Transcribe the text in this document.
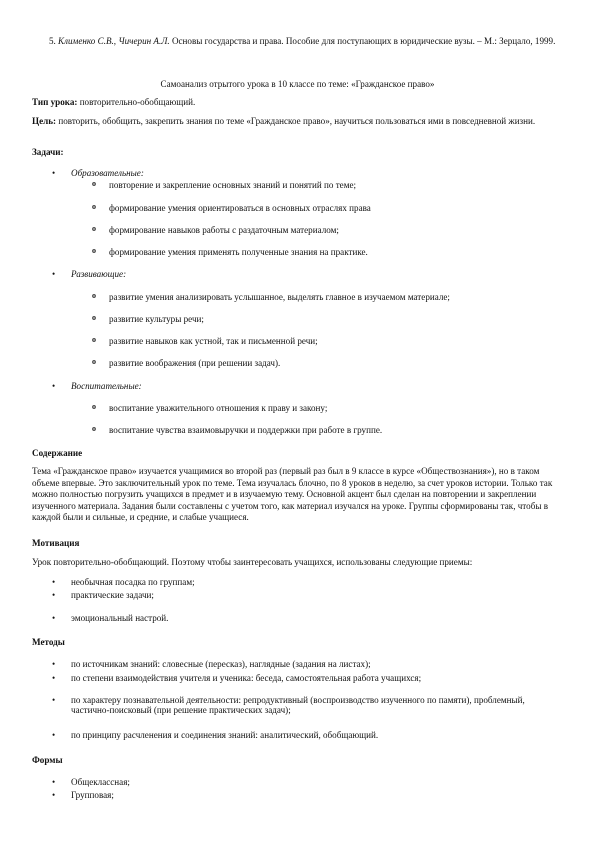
5. Клименко С.В., Чичерин А.Л. Основы государства и права. Пособие для поступающих в юридические вузы. – М.: Зерцало, 1999.
Самоанализ отрытого урока в 10 классе по теме: «Гражданское право»
Тип урока: повторительно-обобщающий.
Цель: повторить, обобщить, закрепить знания по теме «Гражданское право», научиться пользоваться ими в повседневной жизни.
Задачи:
Образовательные:
o повторение и закрепление основных знаний и понятий по теме;
o формирование умения ориентироваться в основных отраслях права
o формирование навыков работы с раздаточным материалом;
o формирование умения применять полученные знания на практике.
Развивающие:
o развитие умения анализировать услышанное, выделять главное в изучаемом материале;
o развитие культуры речи;
o развитие навыков как устной, так и письменной речи;
o развитие воображения (при решении задач).
Воспитательные:
o воспитание уважительного отношения к праву и закону;
o воспитание чувства взаимовыручки и поддержки при работе в группе.
Содержание
Тема «Гражданское право» изучается учащимися во второй раз (первый раз был в 9 классе в курсе «Обществознания»), но в таком объеме впервые. Это заключительный урок по теме. Тема изучалась блочно, по 8 уроков в неделю, за счет уроков истории. Только так можно полностью погрузить учащихся в предмет и в изучаемую тему. Основной акцент был сделан на повторении и закреплении изученного материала. Задания были составлены с учетом того, как материал изучался на уроке. Группы сформированы так, чтобы в каждой были и сильные, и средние, и слабые учащиеся.
Мотивация
Урок повторительно-обобщающий. Поэтому чтобы заинтересовать учащихся, использованы следующие приемы:
необычная посадка по группам;
практические задачи;
эмоциональный настрой.
Методы
по источникам знаний: словесные (пересказ), наглядные (задания на листах);
по степени взаимодействия учителя и ученика: беседа, самостоятельная работа учащихся;
по характеру познавательной деятельности: репродуктивный (воспроизводство изученного по памяти), проблемный, частично-поисковый (при решение практических задач);
по принципу расчленения и соединения знаний: аналитический, обобщающий.
Формы
Общеклассная;
Групповая;
